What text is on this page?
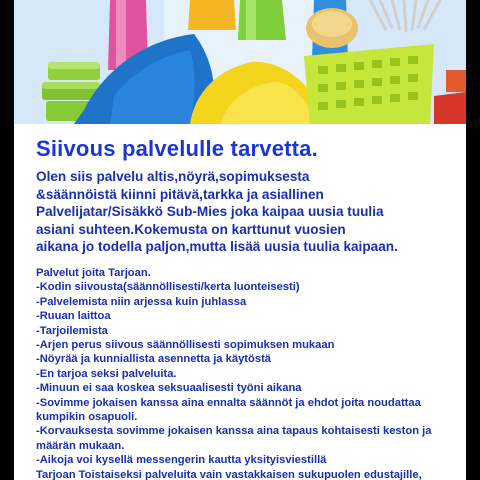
Siivous palvelulle tarvetta.
Olen siis palvelu altis,nöyrä,sopimuksesta
&säännöistä kiinni pitävä,tarkka ja asiallinen
Palvelijatar/Sisäkkö Sub-Mies joka kaipaa uusia tuulia
asiani suhteen.Kokemusta on karttunut vuosien
aikana jo todella paljon,mutta lisää uusia tuulia kaipaan.
Palvelut joita Tarjoan.
-Kodin siivousta(säännöllisesti/kerta luonteisesti)
-Palvelemista niin arjessa kuin juhlassa
-Ruuan laittoa
-Tarjoilemista
-Arjen perus siivous säännöllisesti sopimuksen mukaan
-Nöyrää ja kunniallista asennetta ja käytöstä
-En tarjoa seksi palveluita.
-Minuun ei saa koskea seksuaalisesti työni aikana
-Sovimme jokaisen kanssa aina ennalta säännöt ja ehdot joita noudattaa kumpikin osapuoli.
-Korvauksesta sovimme jokaisen kanssa aina tapaus kohtaisesti keston ja määrän mukaan.
-Aikoja voi kysellä messengerin kautta yksityisviestillä
Tarjoan Toistaiseksi palveluita vain vastakkaisen sukupuolen edustajille,
